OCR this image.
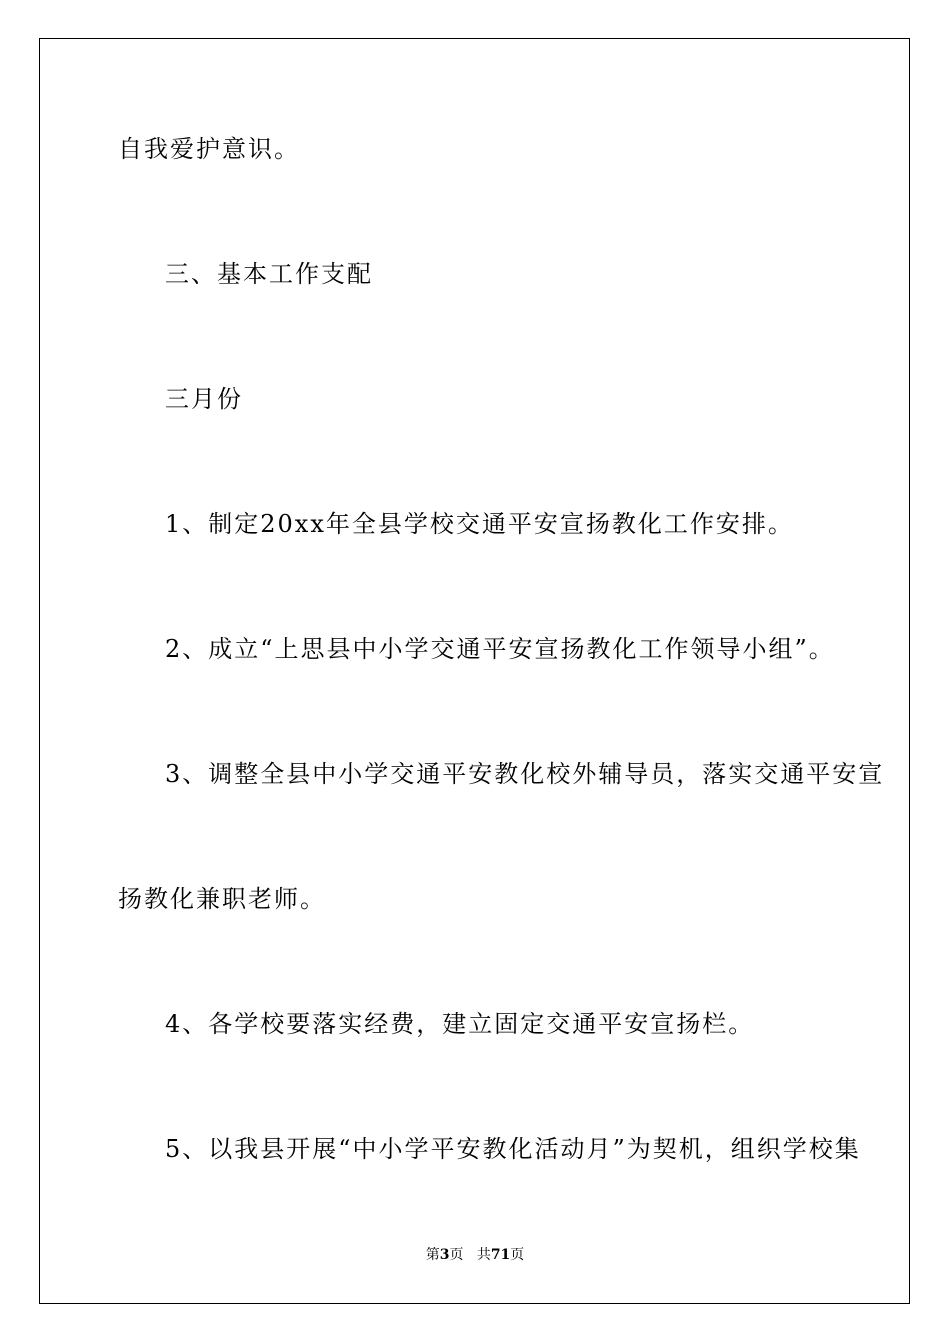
自我爱护意识。
三、基本工作支配
三月份
1、制定20xx年全县学校交通平安宣扬教化工作安排。
2、成立“上思县中小学交通平安宣扬教化工作领导小组”。
3、调整全县中小学交通平安教化校外辅导员，落实交通平安宣
扬教化兼职老师。
4、各学校要落实经费，建立固定交通平安宣扬栏。
5、以我县开展“中小学平安教化活动月”为契机，组织学校集
第3页 共71页
